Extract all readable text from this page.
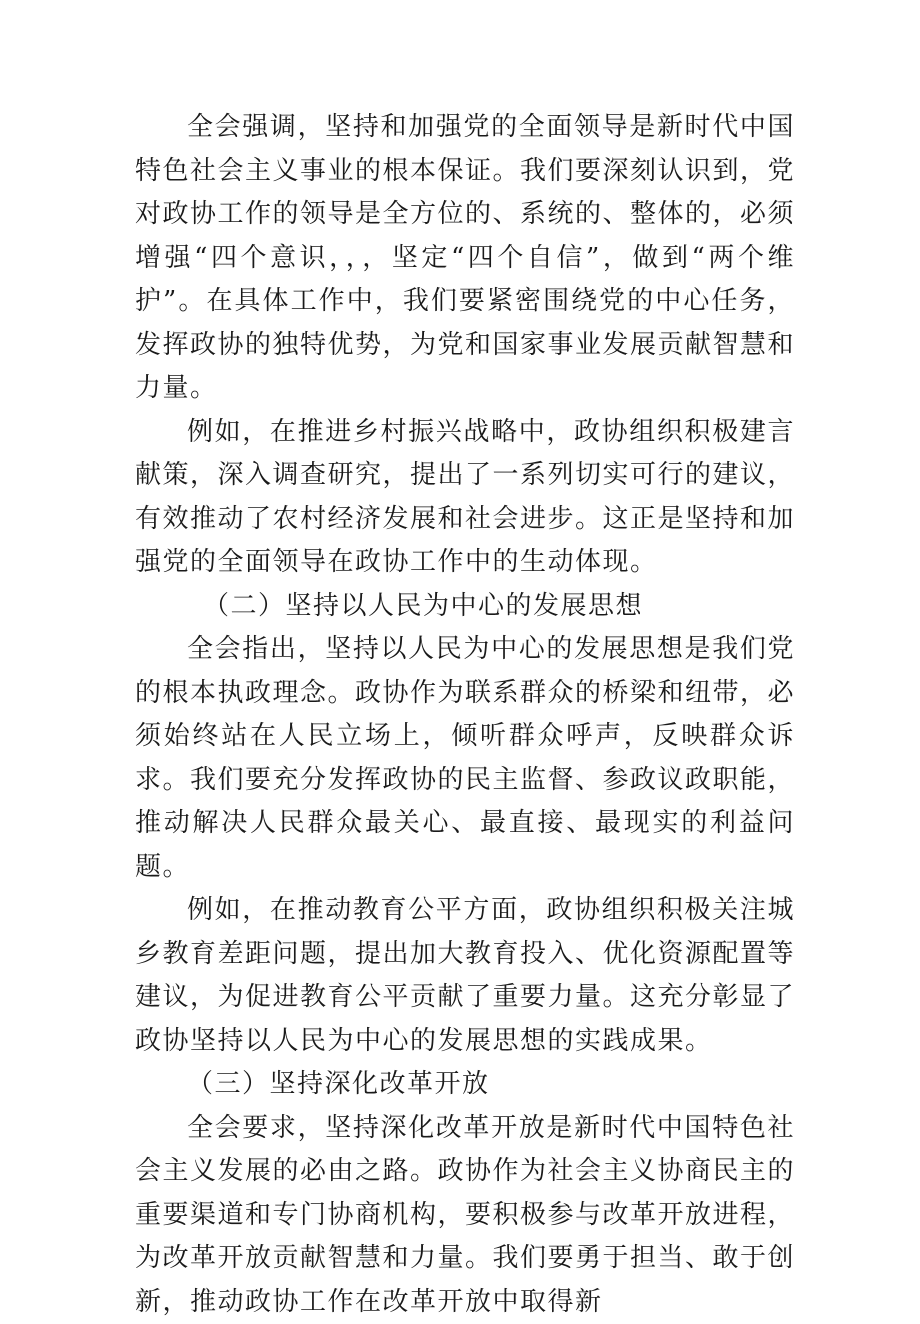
全会强调，坚持和加强党的全面领导是新时代中国特色社会主义事业的根本保证。我们要深刻认识到，党对政协工作的领导是全方位的、系统的、整体的，必须增强“四个意识，，，坚定“四个自信”，做到“两个维护”。在具体工作中，我们要紧密围绕党的中心任务，发挥政协的独特优势，为党和国家事业发展贡献智慧和力量。

例如，在推进乡村振兴战略中，政协组织积极建言献策，深入调查研究，提出了一系列切实可行的建议，有效推动了农村经济发展和社会进步。这正是坚持和加强党的全面领导在政协工作中的生动体现。

（二）坚持以人民为中心的发展思想

全会指出，坚持以人民为中心的发展思想是我们党的根本执政理念。政协作为联系群众的桥梁和纽带，必须始终站在人民立场上，倾听群众呼声，反映群众诉求。我们要充分发挥政协的民主监督、参政议政职能，推动解决人民群众最关心、最直接、最现实的利益问题。

例如，在推动教育公平方面，政协组织积极关注城乡教育差距问题，提出加大教育投入、优化资源配置等建议，为促进教育公平贡献了重要力量。这充分彰显了政协坚持以人民为中心的发展思想的实践成果。

（三）坚持深化改革开放

全会要求，坚持深化改革开放是新时代中国特色社会主义发展的必由之路。政协作为社会主义协商民主的重要渠道和专门协商机构，要积极参与改革开放进程，为改革开放贡献智慧和力量。我们要勇于担当、敢于创新，推动政协工作在改革开放中取得新
